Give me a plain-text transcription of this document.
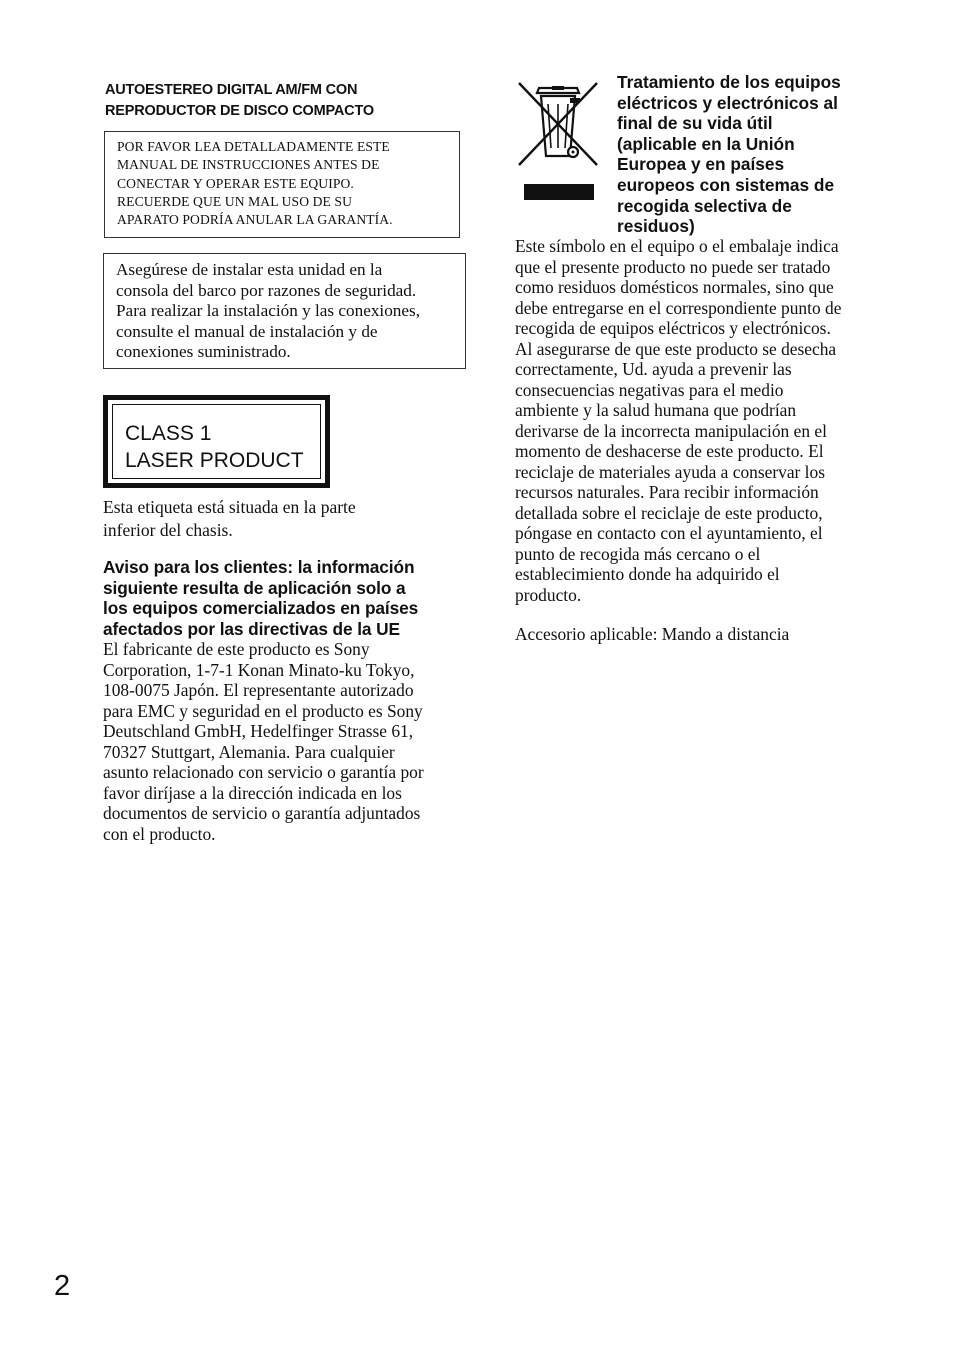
AUTOESTEREO DIGITAL AM/FM CON
REPRODUCTOR DE DISCO COMPACTO
POR FAVOR LEA DETALLADAMENTE ESTE
MANUAL DE INSTRUCCIONES ANTES DE
CONECTAR Y OPERAR ESTE EQUIPO.
RECUERDE QUE UN MAL USO DE SU
APARATO PODRÍA ANULAR LA GARANTÍA.
Asegúrese de instalar esta unidad en la
consola del barco por razones de seguridad.
Para realizar la instalación y las conexiones,
consulte el manual de instalación y de
conexiones suministrado.
CLASS 1
LASER PRODUCT

Esta etiqueta está situada en la parte
inferior del chasis.

Aviso para los clientes: la información
siguiente resulta de aplicación solo a
los equipos comercializados en países
afectados por las directivas de la UE

El fabricante de este producto es Sony
Corporation, 1-7-1 Konan Minato-ku Tokyo,
108-0075 Japón. El representante autorizado
para EMC y seguridad en el producto es Sony
Deutschland GmbH, Hedelfinger Strasse 61,
70327 Stuttgart, Alemania. Para cualquier
asunto relacionado con servicio o garantía por
favor diríjase a la dirección indicada en los
documentos de servicio o garantía adjuntados
con el producto.

Tratamiento de los equipos
eléctricos y electrónicos al
final de su vida útil
(aplicable en la Unión
Europea y en países
europeos con sistemas de
recogida selectiva de
residuos)

Este símbolo en el equipo o el embalaje indica
que el presente producto no puede ser tratado
como residuos domésticos normales, sino que
debe entregarse en el correspondiente punto de
recogida de equipos eléctricos y electrónicos.
Al asegurarse de que este producto se desecha
correctamente, Ud. ayuda a prevenir las
consecuencias negativas para el medio
ambiente y la salud humana que podrían
derivarse de la incorrecta manipulación en el
momento de deshacerse de este producto. El
reciclaje de materiales ayuda a conservar los
recursos naturales. Para recibir información
detallada sobre el reciclaje de este producto,
póngase en contacto con el ayuntamiento, el
punto de recogida más cercano o el
establecimiento donde ha adquirido el
producto.

Accesorio aplicable: Mando a distancia

2
